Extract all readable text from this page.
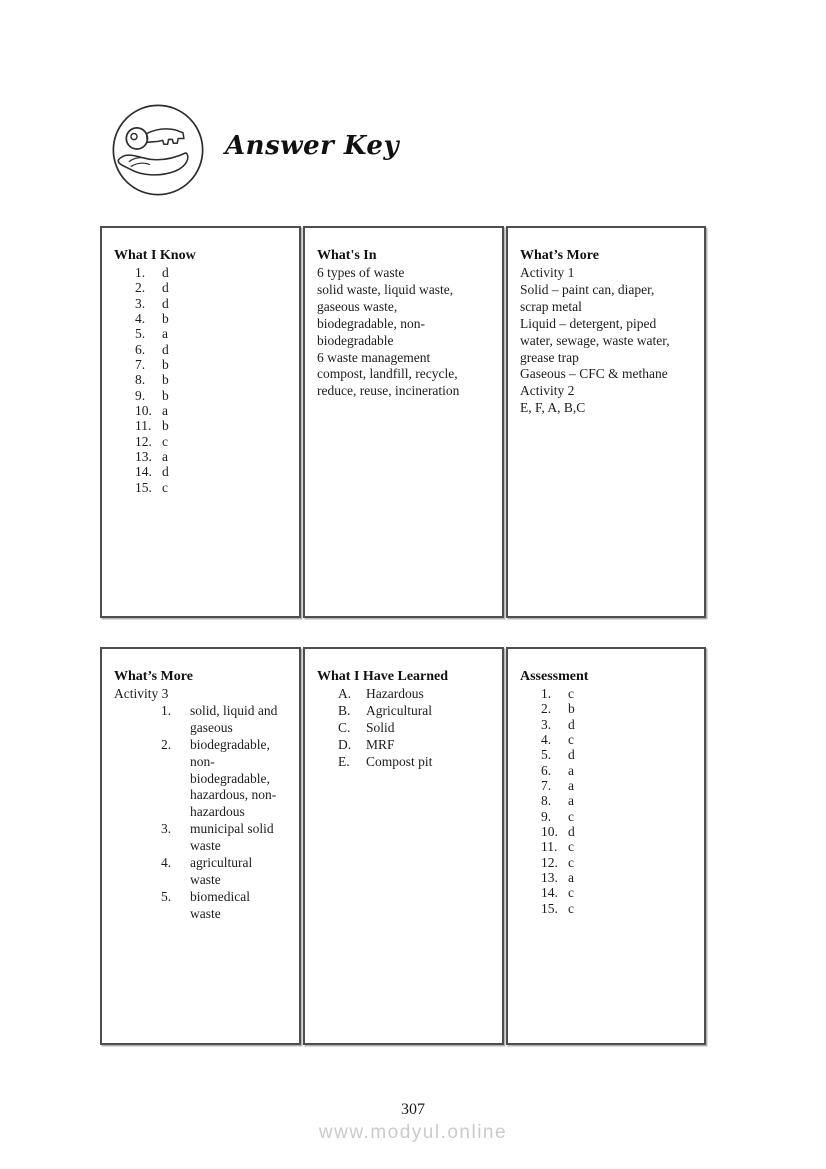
Answer Key
What I Know
1.	d
2.	d
3.	d
4.	b
5.	a
6.	d
7.	b
8.	b
9.	b
10. a
11. b
12. c
13. a
14. d
15. c
What's In
6 types of waste
solid waste, liquid waste,
gaseous waste,
biodegradable, non-
biodegradable
6 waste management
compost, landfill, recycle,
reduce, reuse, incineration
What’s More
Activity 1
Solid – paint can, diaper,
scrap metal
Liquid – detergent, piped
water, sewage, waste water,
grease trap
Gaseous – CFC & methane
Activity 2
E, F, A, B,C
What’s More
Activity 3
1.	solid, liquid and
gaseous
2.	biodegradable,
non-
biodegradable,
hazardous, non-
hazardous
3.	municipal solid
waste
4.	agricultural
waste
5.	biomedical
waste
What I Have Learned
A.	Hazardous
B.	Agricultural
C.	Solid
D.	MRF
E.	Compost pit
Assessment
1.	c
2.	b
3.	d
4.	c
5.	d
6.	a
7.	a
8.	a
9.	c
10. d
11. c
12. c
13. a
14. c
15. c
307
www.modyul.online
